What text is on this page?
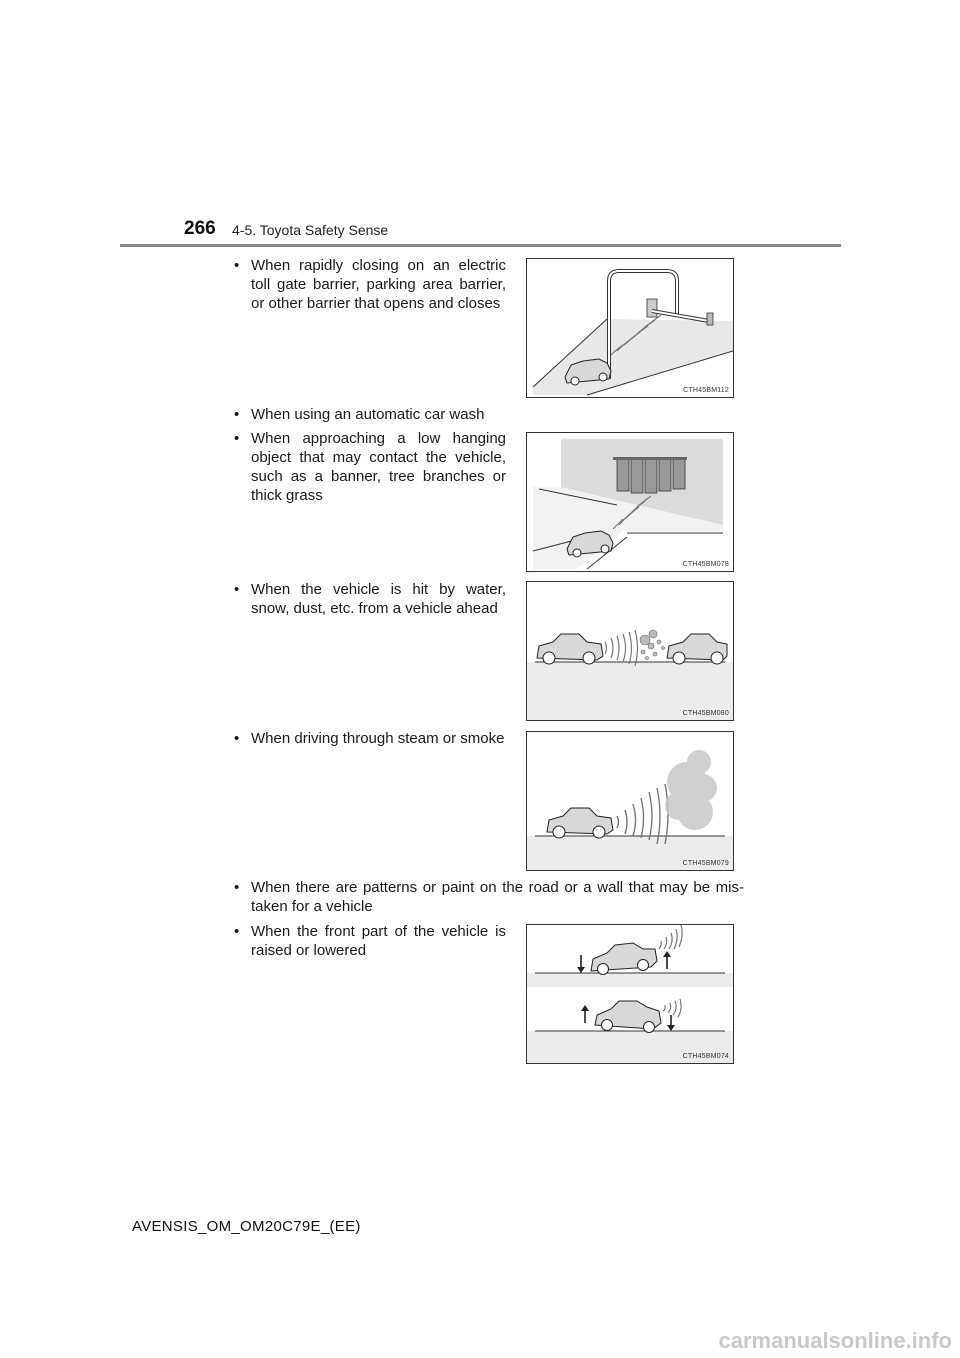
266 4-5. Toyota Safety Sense
• When rapidly closing on an electric toll gate barrier, parking area barrier, or other barrier that opens and closes
• When using an automatic car wash
• When approaching a low hanging object that may contact the vehicle, such as a banner, tree branches or thick grass
• When the vehicle is hit by water, snow, dust, etc. from a vehicle ahead
• When driving through steam or smoke
• When there are patterns or paint on the road or a wall that may be mis-taken for a vehicle
• When the front part of the vehicle is raised or lowered
CTH45BM112
CTH45BM078
CTH45BM080
CTH45BM079
CTH45BM074
AVENSIS_OM_OM20C79E_(EE)
carmanualsonline.info
